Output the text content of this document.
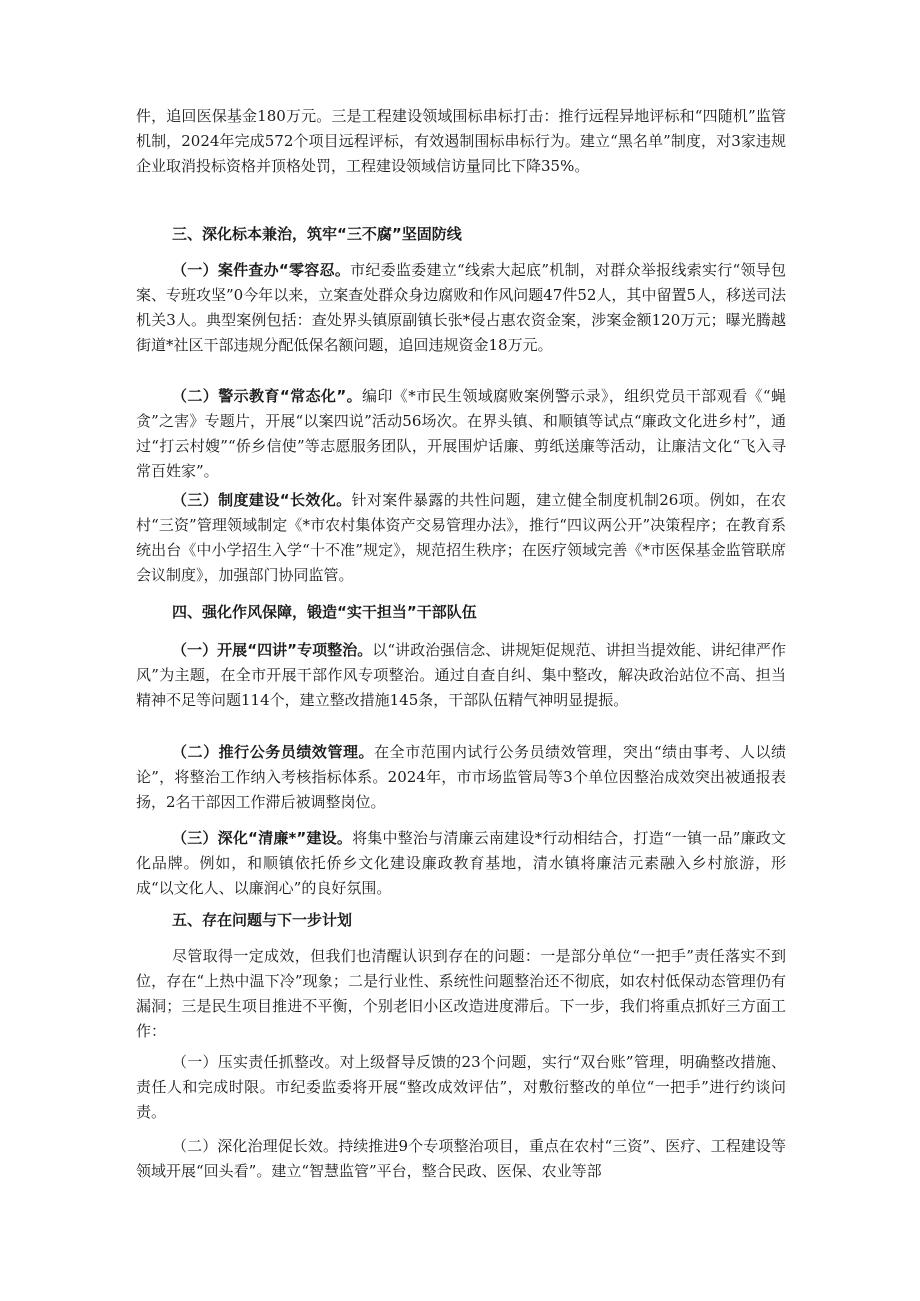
件，追回医保基金180万元。三是工程建设领域围标串标打击：推行远程异地评标和“四随机”监管机制，2024年完成572个项目远程评标，有效遏制围标串标行为。建立“黑名单”制度，对3家违规企业取消投标资格并顶格处罚，工程建设领域信访量同比下降35%。

三、深化标本兼治，筑牢“三不腐”坚固防线

（一）案件查办“零容忍。市纪委监委建立“线索大起底”机制，对群众举报线索实行“领导包案、专班攻坚”0今年以来，立案查处群众身边腐败和作风问题47件52人，其中留置5人，移送司法机关3人。典型案例包括：查处界头镇原副镇长张*侵占惠农资金案，涉案金额120万元；曝光腾越街道*社区干部违规分配低保名额问题，追回违规资金18万元。

（二）警示教育“常态化”。编印《*市民生领域腐败案例警示录》，组织党员干部观看《“蝇贪”之害》专题片，开展“以案四说”活动56场次。在界头镇、和顺镇等试点“廉政文化进乡村”，通过“打云村嫂”“侨乡信使”等志愿服务团队，开展围炉话廉、剪纸送廉等活动，让廉洁文化“飞入寻常百姓家”。

（三）制度建设“长效化。针对案件暴露的共性问题，建立健全制度机制26项。例如，在农村“三资”管理领域制定《*市农村集体资产交易管理办法》，推行“四议两公开”决策程序；在教育系统出台《中小学招生入学“十不准”规定》，规范招生秩序；在医疗领域完善《*市医保基金监管联席会议制度》，加强部门协同监管。

四、强化作风保障，锻造“实干担当”干部队伍

（一）开展“四讲”专项整治。以“讲政治强信念、讲规矩促规范、讲担当提效能、讲纪律严作风”为主题，在全市开展干部作风专项整治。通过自查自纠、集中整改，解决政治站位不高、担当精神不足等问题114个，建立整改措施145条，干部队伍精气神明显提振。

（二）推行公务员绩效管理。在全市范围内试行公务员绩效管理，突出“绩由事考、人以绩论”，将整治工作纳入考核指标体系。2024年，市市场监管局等3个单位因整治成效突出被通报表扬，2名干部因工作滞后被调整岗位。

（三）深化“清廉*”建设。将集中整治与清廉云南建设*行动相结合，打造“一镇一品”廉政文化品牌。例如，和顺镇依托侨乡文化建设廉政教育基地，清水镇将廉洁元素融入乡村旅游，形成“以文化人、以廉润心”的良好氛围。

五、存在问题与下一步计划

尽管取得一定成效，但我们也清醒认识到存在的问题：一是部分单位“一把手”责任落实不到位，存在“上热中温下冷”现象；二是行业性、系统性问题整治还不彻底，如农村低保动态管理仍有漏洞；三是民生项目推进不平衡，个别老旧小区改造进度滞后。下一步，我们将重点抓好三方面工作：

（一）压实责任抓整改。对上级督导反馈的23个问题，实行“双台账”管理，明确整改措施、责任人和完成时限。市纪委监委将开展“整改成效评估”，对敷衍整改的单位“一把手”进行约谈问责。

（二）深化治理促长效。持续推进9个专项整治项目，重点在农村“三资”、医疗、工程建设等领域开展“回头看”。建立“智慧监管”平台，整合民政、医保、农业等部
